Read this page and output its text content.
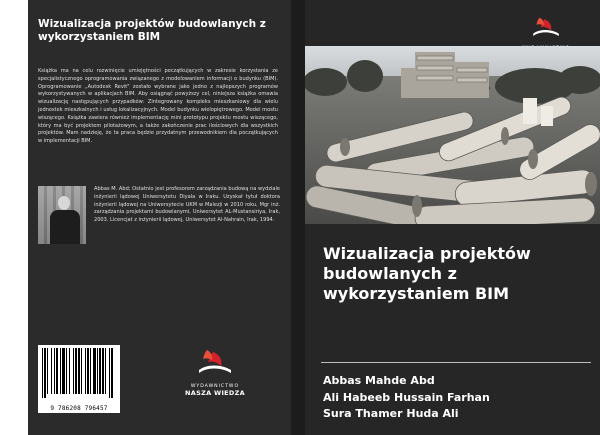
Wizualizacja projektów budowlanych z wykorzystaniem BIM
Książka ma na celu rozwinięcie umiejętności początkujących w zakresie korzystania ze specjalistycznego oprogramowania związanego z modelowaniem informacji o budynku (BIM). Oprogramowanie „Autodesk Revit" zostało wybrane jako jedno z najlepszych programów wykorzystywanych w aplikacjach BIM. Aby osiągnąć powyższy cel, niniejsza książka omawia wizualizację następujących przypadków: Zintegrowany kompleks mieszkaniowy dla wielu jednostek mieszkalnych i usług lokalizacyjnych. Model budynku wielopiętrowego. Model mostu wiszącego. Książka zawiera również implementację mini prototypu projektu mostu wiszącego, który ma być projektem pilotażowym, a także zakończenie prac ilościowych dla wszystkich projektów. Mam nadzieję, że ta praca będzie przydatnym przewodnikiem dla początkujących w implementacji BIM.
Abbas M. Abd; Ostatnio jest profesorem zarządzania budową na wydziale inżynierii lądowej Uniwersytetu Diyala w Iraku. Uzyskał tytuł doktora inżynierii lądowej na Uniwersytecie UKM w Malezji w 2010 roku, Mgr inż. zarządzania projektami budowlanymi, Uniwersytet AL-Mustansiriya, Irak, 2003. Licencjat z inżynierii lądowej, Uniwersytet Al-Nahrain, Irak, 1994.
9 786208 796457
WYDAWNICTWO
NASZA WIEDZA
Wizualizacja projektów budowlanych z wykorzystaniem BIM
Abbas Mahde Abd
Ali Habeeb Hussain Farhan
Sura Thamer Huda Ali
